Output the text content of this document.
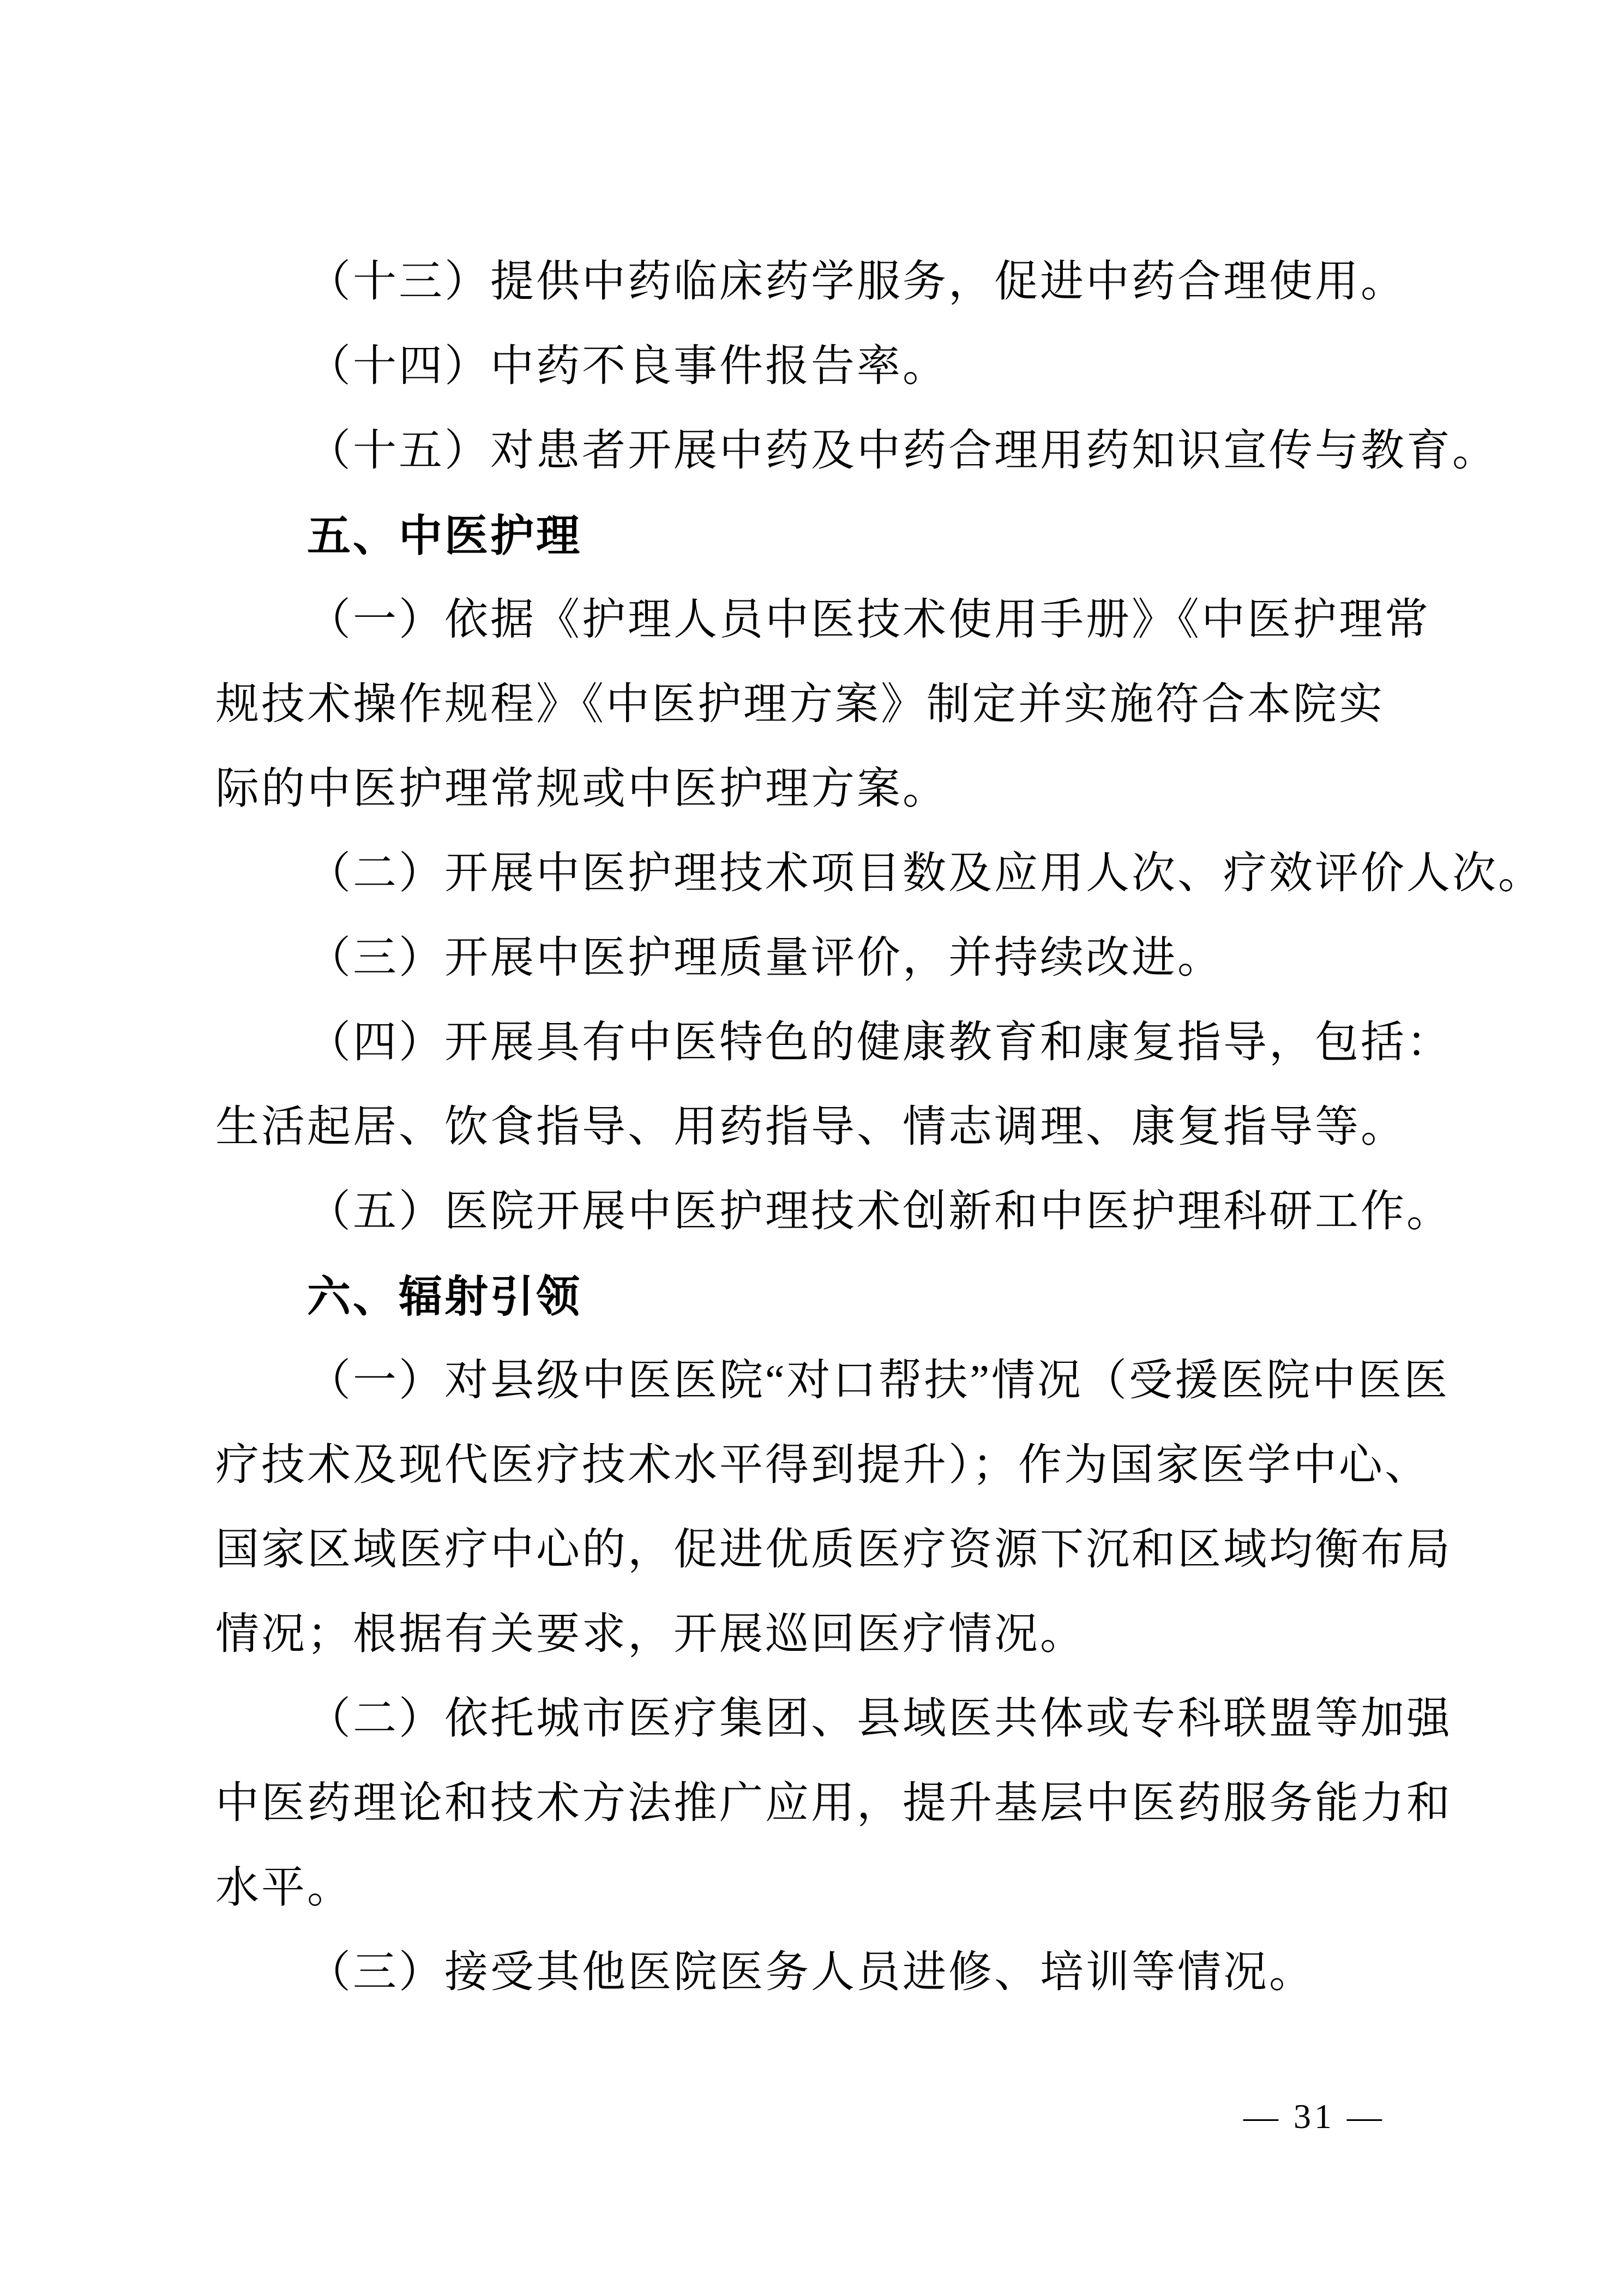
（十三）提供中药临床药学服务，促进中药合理使用。
（十四）中药不良事件报告率。
（十五）对患者开展中药及中药合理用药知识宣传与教育。
五、中医护理
（一）依据《护理人员中医技术使用手册》《中医护理常
规技术操作规程》《中医护理方案》制定并实施符合本院实
际的中医护理常规或中医护理方案。
（二）开展中医护理技术项目数及应用人次、疗效评价人次。
（三）开展中医护理质量评价，并持续改进。
（四）开展具有中医特色的健康教育和康复指导，包括：
生活起居、饮食指导、用药指导、情志调理、康复指导等。
（五）医院开展中医护理技术创新和中医护理科研工作。
六、辐射引领
（一）对县级中医医院“对口帮扶”情况（受援医院中医医
疗技术及现代医疗技术水平得到提升）；作为国家医学中心、
国家区域医疗中心的，促进优质医疗资源下沉和区域均衡布局
情况；根据有关要求，开展巡回医疗情况。
（二）依托城市医疗集团、县域医共体或专科联盟等加强
中医药理论和技术方法推广应用，提升基层中医药服务能力和
水平。
（三）接受其他医院医务人员进修、培训等情况。
— 31 —
